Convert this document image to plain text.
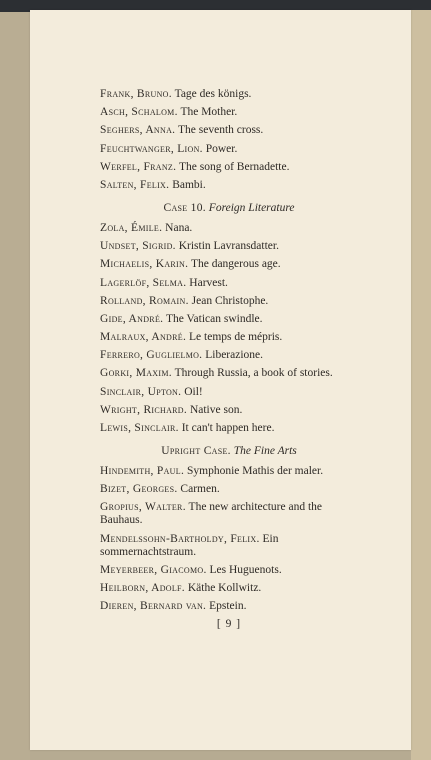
Frank, Bruno. Tage des königs.
Asch, Schalom. The Mother.
Seghers, Anna. The seventh cross.
Feuchtwanger, Lion. Power.
Werfel, Franz. The song of Bernadette.
Salten, Felix. Bambi.
Case 10. Foreign Literature
Zola, Émile. Nana.
Undset, Sigrid. Kristin Lavransdatter.
Michaelis, Karin. The dangerous age.
Lagerlöf, Selma. Harvest.
Rolland, Romain. Jean Christophe.
Gide, André. The Vatican swindle.
Malraux, André. Le temps de mépris.
Ferrero, Guglielmo. Liberazione.
Gorki, Maxim. Through Russia, a book of stories.
Sinclair, Upton. Oil!
Wright, Richard. Native son.
Lewis, Sinclair. It can't happen here.
Upright Case. The Fine Arts
Hindemith, Paul. Symphonie Mathis der maler.
Bizet, Georges. Carmen.
Gropius, Walter. The new architecture and the Bauhaus.
Mendelssohn-Bartholdy, Felix. Ein sommernachtstraum.
Meyerbeer, Giacomo. Les Huguenots.
Heilborn, Adolf. Käthe Kollwitz.
Dieren, Bernard van. Epstein.
[ 9 ]
